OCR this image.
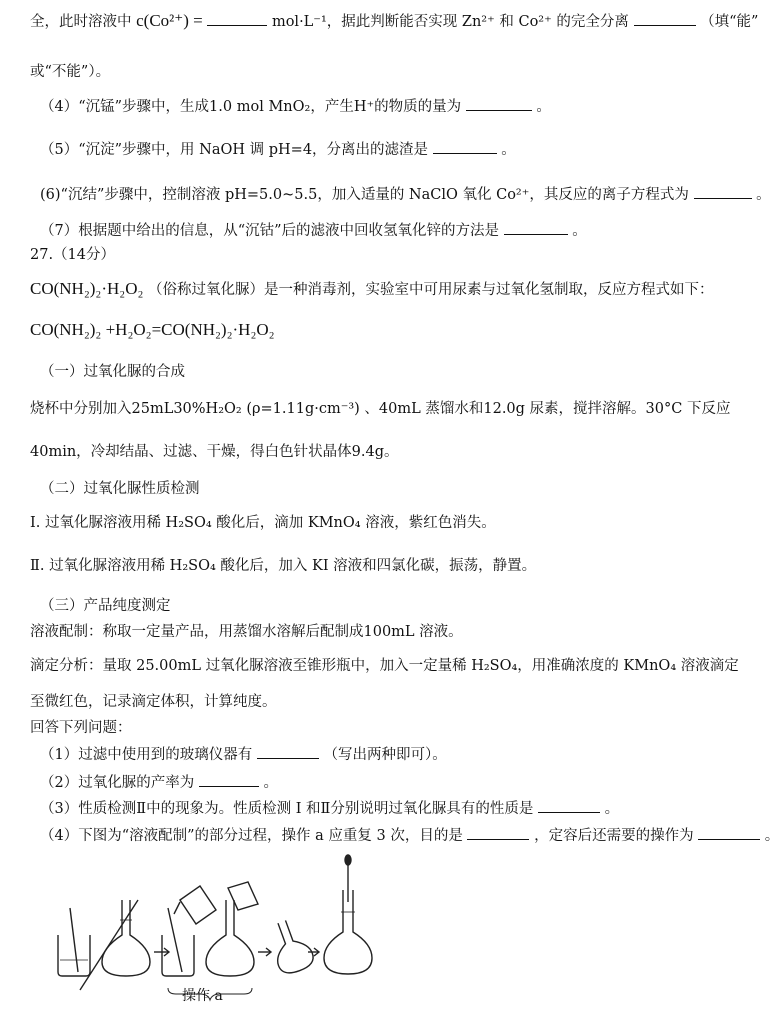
全，此时溶液中 c(Co²⁺) =	mol·L⁻¹，据此判断能否实现 Zn²⁺ 和 Co²⁺ 的完全分离	（填“能”
或“不能”）。
（4）“沉锰”步骤中，生成1.0 mol MnO₂，产生H⁺的物质的量为	。
（5）“沉淀”步骤中，用 NaOH 调 pH=4，分离出的滤渣是	。
(6)“沉结”步骤中，控制溶液 pH=5.0~5.5，加入适量的 NaClO 氧化 Co²⁺，其反应的离子方程式为	。
（7）根据题中给出的信息，从“沉钴”后的滤液中回收氢氧化锌的方法是	。
27.（14分）
CO(NH₂)₂·H₂O₂ （俗称过氧化脲）是一种消毒剂，实验室中可用尿素与过氧化氢制取，反应方程式如下：
CO(NH₂)₂ +H₂O₂=CO(NH₂)₂·H₂O₂
（一）过氧化脲的合成
烧杯中分别加入25mL30%H₂O₂ (ρ=1.11g·cm⁻³) 、40mL 蒸馏水和12.0g 尿素，搅拌溶解。30°C 下反应
40min，冷却结晶、过滤、干燥，得白色针状晶体9.4g。
（二）过氧化脲性质检测
I. 过氧化脲溶液用稀 H₂SO₄ 酸化后，滴加 KMnO₄ 溶液，紫红色消失。
Ⅱ. 过氧化脲溶液用稀 H₂SO₄ 酸化后，加入 KI 溶液和四氯化碳，振荡，静置。
（三）产品纯度测定
溶液配制：称取一定量产品，用蒸馏水溶解后配制成100mL 溶液。
滴定分析：量取 25.00mL 过氧化脲溶液至锥形瓶中，加入一定量稀 H₂SO₄，用准确浓度的 KMnO₄ 溶液滴定
至微红色，记录滴定体积，计算纯度。
回答下列问题：
（1）过滤中使用到的玻璃仪器有	（写出两种即可）。
（2）过氧化脲的产率为	。
（3）性质检测Ⅱ中的现象为。性质检测 I 和Ⅱ分别说明过氧化脲具有的性质是	。
（4）下图为“溶液配制”的部分过程，操作 a 应重复 3 次，目的是	，定容后还需要的操作为	。
操作 a
